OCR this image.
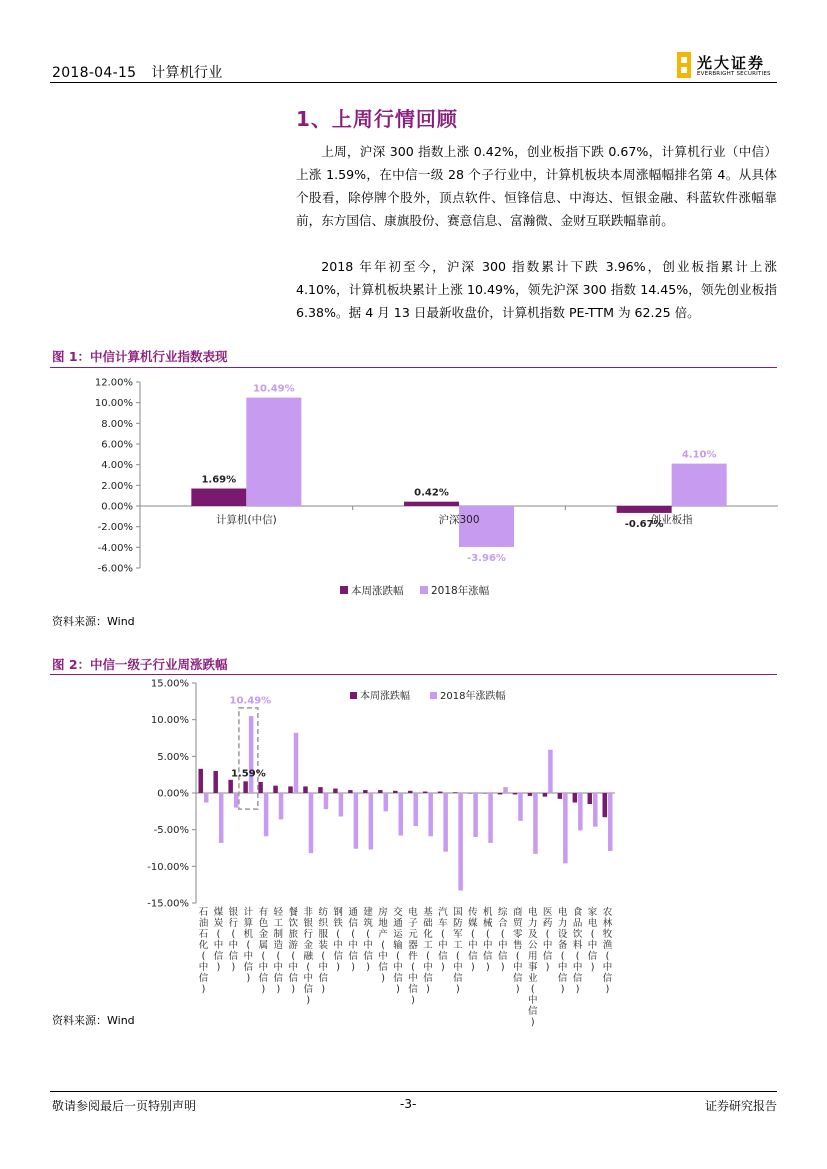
2018-04-15 计算机行业
光大证券
EVERBRIGHT SECURITIES
1、上周行情回顾
上周，沪深 300 指数上涨 0.42%，创业板指下跌 0.67%，计算机行业（中信）上涨 1.59%，在中信一级 28 个子行业中，计算机板块本周涨幅幅排名第 4。从具体个股看，除停牌个股外，顶点软件、恒锋信息、中海达、恒银金融、科蓝软件涨幅靠前，东方国信、康旗股份、赛意信息、富瀚微、金财互联跌幅靠前。
2018 年年初至今，沪深 300 指数累计下跌 3.96%，创业板指累计上涨 4.10%，计算机板块累计上涨 10.49%，领先沪深 300 指数 14.45%，领先创业板指 6.38%。据 4 月 13 日最新收盘价，计算机指数 PE-TTM 为 62.25 倍。
图 1：中信计算机行业指数表现
12.00%
10.00%
8.00%
6.00%
4.00%
2.00%
0.00%
-2.00%
-4.00%
-6.00%
1.69%
10.49%
计算机(中信)
0.42%
-3.96%
沪深300	-0.67%
4.10%
创业板指
本周涨跌幅	2018年涨幅
资料来源：Wind
图 2：中信一级子行业周涨跌幅
15.00%
10.00%
5.00%
0.00%
-5.00%
-10.00%
-15.00%
石油石化(中信)
煤炭(中信)
银行(中信)
计算机(中信)
有色金属(中信)
轻工制造(中信)
餐饮旅游(中信)
非银行金融(中信)
纺织服装(中信)
钢铁(中信)
通信(中信)
建筑(中信)
房地产(中信)
交通运输(中信)
电子元器件(中信)
基础化工(中信)
汽车(中信)
国防军工(中信)
传媒(中信)
机械(中信)
综合(中信)
商贸零售(中信)
电力及公用事业(中信)
医药(中信)
电力设备(中信)
食品饮料(中信)
家电(中信)
农林牧渔(中信)
10.49%
1.59%
本周涨跌幅	2018年涨跌幅
资料来源：Wind
敬请参阅最后一页特别声明	-3-	证券研究报告
